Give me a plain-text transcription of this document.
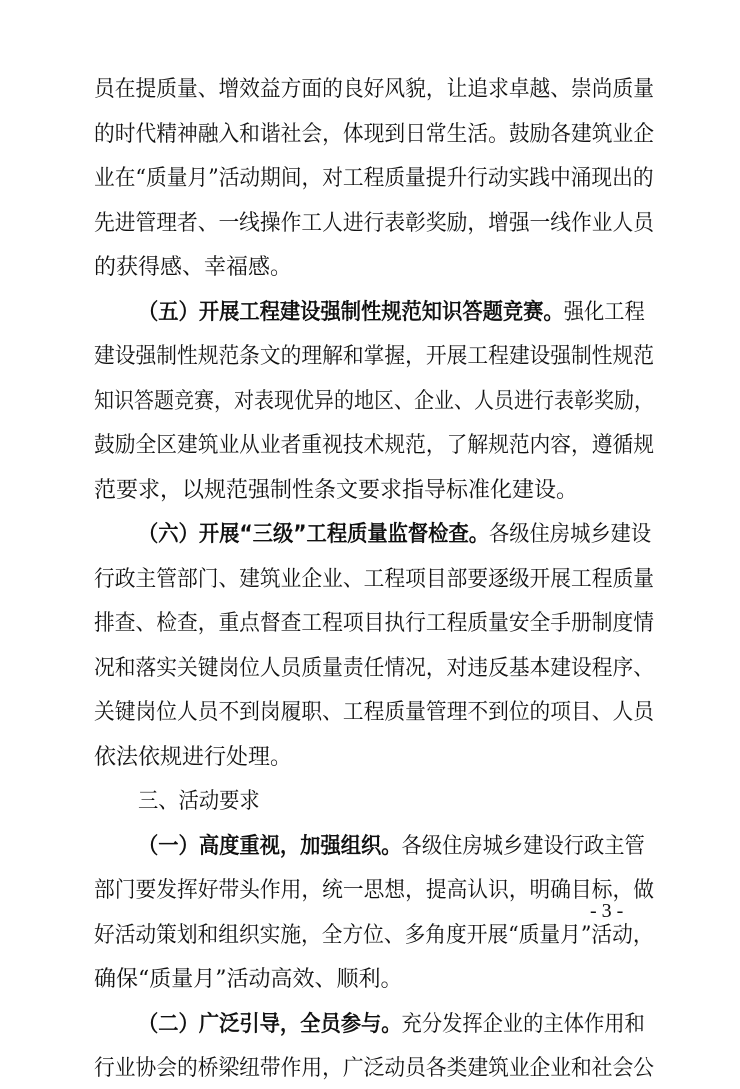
员在提质量、增效益方面的良好风貌，让追求卓越、崇尚质量
的时代精神融入和谐社会，体现到日常生活。鼓励各建筑业企
业在“质量月”活动期间，对工程质量提升行动实践中涌现出的
先进管理者、一线操作工人进行表彰奖励，增强一线作业人员
的获得感、幸福感。
（五）开展工程建设强制性规范知识答题竞赛。强化工程
建设强制性规范条文的理解和掌握，开展工程建设强制性规范
知识答题竞赛，对表现优异的地区、企业、人员进行表彰奖励，
鼓励全区建筑业从业者重视技术规范，了解规范内容，遵循规
范要求，以规范强制性条文要求指导标准化建设。
（六）开展“三级”工程质量监督检查。各级住房城乡建设
行政主管部门、建筑业企业、工程项目部要逐级开展工程质量
排查、检查，重点督查工程项目执行工程质量安全手册制度情
况和落实关键岗位人员质量责任情况，对违反基本建设程序、
关键岗位人员不到岗履职、工程质量管理不到位的项目、人员
依法依规进行处理。
三、活动要求
（一）高度重视，加强组织。各级住房城乡建设行政主管
部门要发挥好带头作用，统一思想，提高认识，明确目标，做
好活动策划和组织实施，全方位、多角度开展“质量月”活动，
确保“质量月”活动高效、顺利。
（二）广泛引导，全员参与。充分发挥企业的主体作用和
行业协会的桥梁纽带作用，广泛动员各类建筑业企业和社会公
- 3 -
